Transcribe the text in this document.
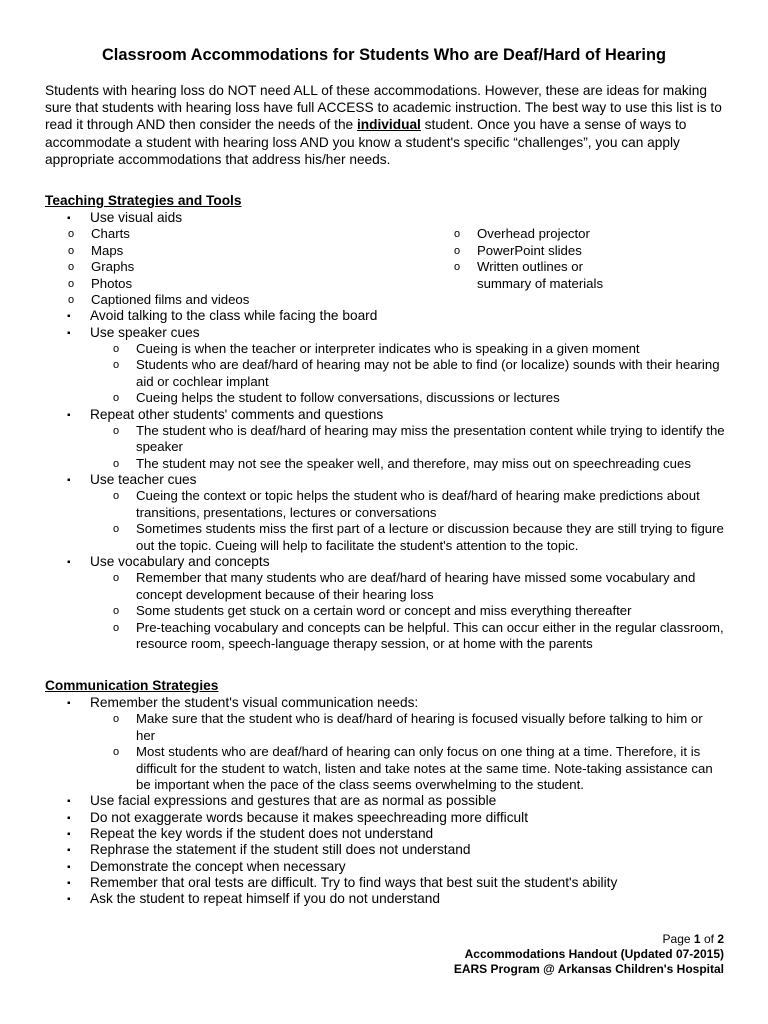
Classroom Accommodations for Students Who are Deaf/Hard of Hearing

Students with hearing loss do NOT need ALL of these accommodations. However, these are ideas for making sure that students with hearing loss have full ACCESS to academic instruction. The best way to use this list is to read it through AND then consider the needs of the individual student. Once you have a sense of ways to accommodate a student with hearing loss AND you know a student's specific “challenges”, you can apply appropriate accommodations that address his/her needs.

Teaching Strategies and Tools
▪
Use visual aids
o Charts
o Maps
o Graphs
o Photos
o Captioned films and videos
o Overhead projector
o PowerPoint slides
o Written outlines or summary of materials
▪
Avoid talking to the class while facing the board
▪
Use speaker cues
o Cueing is when the teacher or interpreter indicates who is speaking in a given moment
o Students who are deaf/hard of hearing may not be able to find (or localize) sounds with their hearing aid or cochlear implant
o Cueing helps the student to follow conversations, discussions or lectures
▪
Repeat other students' comments and questions
o The student who is deaf/hard of hearing may miss the presentation content while trying to identify the speaker
o The student may not see the speaker well, and therefore, may miss out on speechreading cues
▪
Use teacher cues
o Cueing the context or topic helps the student who is deaf/hard of hearing make predictions about transitions, presentations, lectures or conversations
o Sometimes students miss the first part of a lecture or discussion because they are still trying to figure out the topic. Cueing will help to facilitate the student's attention to the topic.
▪
Use vocabulary and concepts
o Remember that many students who are deaf/hard of hearing have missed some vocabulary and concept development because of their hearing loss
o Some students get stuck on a certain word or concept and miss everything thereafter
o Pre-teaching vocabulary and concepts can be helpful. This can occur either in the regular classroom, resource room, speech-language therapy session, or at home with the parents
Communication Strategies
▪
Remember the student's visual communication needs:
o Make sure that the student who is deaf/hard of hearing is focused visually before talking to him or her
o Most students who are deaf/hard of hearing can only focus on one thing at a time. Therefore, it is difficult for the student to watch, listen and take notes at the same time. Note-taking assistance can be important when the pace of the class seems overwhelming to the student.
▪
Use facial expressions and gestures that are as normal as possible
▪
Do not exaggerate words because it makes speechreading more difficult
▪
Repeat the key words if the student does not understand
▪
Rephrase the statement if the student still does not understand
▪
Demonstrate the concept when necessary
▪
Remember that oral tests are difficult. Try to find ways that best suit the student's ability
▪
Ask the student to repeat himself if you do not understand
Page 1 of 2
Accommodations Handout (Updated 07-2015)
EARS Program @ Arkansas Children's Hospital
